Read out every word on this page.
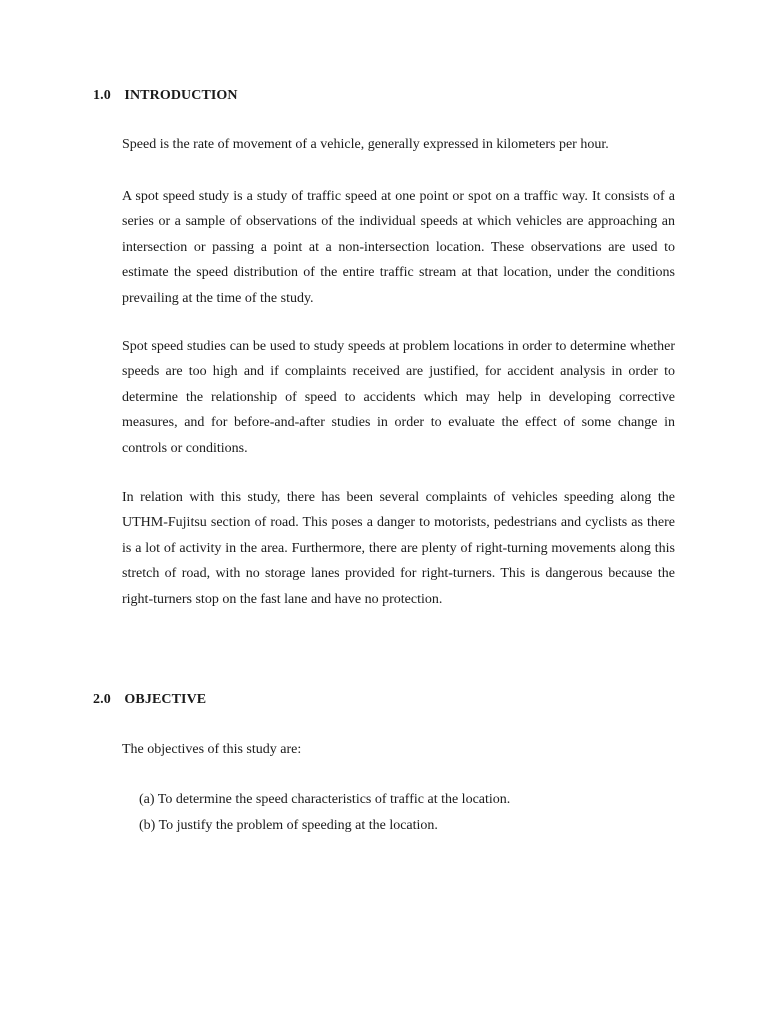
1.0 INTRODUCTION
Speed is the rate of movement of a vehicle, generally expressed in kilometers per hour.
A spot speed study is a study of traffic speed at one point or spot on a traffic way. It consists of a series or a sample of observations of the individual speeds at which vehicles are approaching an intersection or passing a point at a non-intersection location. These observations are used to estimate the speed distribution of the entire traffic stream at that location, under the conditions prevailing at the time of the study.
Spot speed studies can be used to study speeds at problem locations in order to determine whether speeds are too high and if complaints received are justified, for accident analysis in order to determine the relationship of speed to accidents which may help in developing corrective measures, and for before-and-after studies in order to evaluate the effect of some change in controls or conditions.
In relation with this study, there has been several complaints of vehicles speeding along the UTHM-Fujitsu section of road. This poses a danger to motorists, pedestrians and cyclists as there is a lot of activity in the area. Furthermore, there are plenty of right-turning movements along this stretch of road, with no storage lanes provided for right-turners. This is dangerous because the right-turners stop on the fast lane and have no protection.
2.0 OBJECTIVE
The objectives of this study are:
(a) To determine the speed characteristics of traffic at the location.
(b) To justify the problem of speeding at the location.
